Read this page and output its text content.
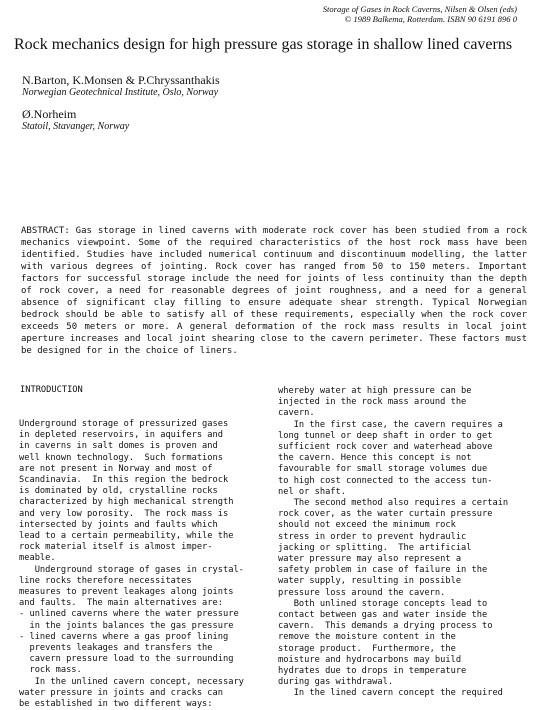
Storage of Gases in Rock Caverns, Nilsen & Olsen (eds)
© 1989 Balkema, Rotterdam. ISBN 90 6191 896 0
Rock mechanics design for high pressure gas storage in shallow lined caverns
N.Barton, K.Monsen & P.Chryssanthakis
Norwegian Geotechnical Institute, Oslo, Norway
Ø.Norheim
Statoil, Stavanger, Norway
ABSTRACT: Gas storage in lined caverns with moderate rock cover has been studied from a rock mechanics viewpoint. Some of the required characteristics of the host rock mass have been identified. Studies have included numerical continuum and discontinuum modelling, the latter with various degrees of jointing. Rock cover has ranged from 50 to 150 meters. Important factors for successful storage include the need for joints of less continuity than the depth of rock cover, a need for reasonable degrees of joint roughness, and a need for a general absence of significant clay filling to ensure adequate shear strength. Typical Norwegian bedrock should be able to satisfy all of these requirements, especially when the rock cover exceeds 50 meters or more. A general deformation of the rock mass results in local joint aperture increases and local joint shearing close to the cavern perimeter. These factors must be designed for in the choice of liners.
INTRODUCTION

Underground storage of pressurized gases

in depleted reservoirs, in aquifers and

in caverns in salt domes is proven and

well known technology.  Such formations

are not present in Norway and most of

Scandinavia.  In this region the bedrock

is dominated by old, crystalline rocks

characterized by high mechanical strength

and very low porosity.  The rock mass is

intersected by joints and faults which

lead to a certain permeability, while the

rock material itself is almost imper-

meable.

Underground storage of gases in crystal-

line rocks therefore necessitates

measures to prevent leakages along joints

and faults.  The main alternatives are:

- unlined caverns where the water pressure

in the joints balances the gas pressure

- lined caverns where a gas proof lining

prevents leakages and transfers the

cavern pressure load to the surrounding

rock mass.

In the unlined cavern concept, necessary

water pressure in joints and cracks can

be established in two different ways:

whereby water at high pressure can be

injected in the rock mass around the

cavern.

In the first case, the cavern requires a

long tunnel or deep shaft in order to get

sufficient rock cover and waterhead above

the cavern. Hence this concept is not

favourable for small storage volumes due

to high cost connected to the access tun-

nel or shaft.

The second method also requires a certain

rock cover, as the water curtain pressure

should not exceed the minimum rock

stress in order to prevent hydraulic

jacking or splitting.  The artificial

water pressure may also represent a

safety problem in case of failure in the

water supply, resulting in possible

pressure loss around the cavern.

Both unlined storage concepts lead to

contact between gas and water inside the

cavern.  This demands a drying process to

remove the moisture content in the

storage product.  Furthermore, the

moisture and hydrocarbons may build

hydrates due to drops in temperature

during gas withdrawal.

In the lined cavern concept the required
